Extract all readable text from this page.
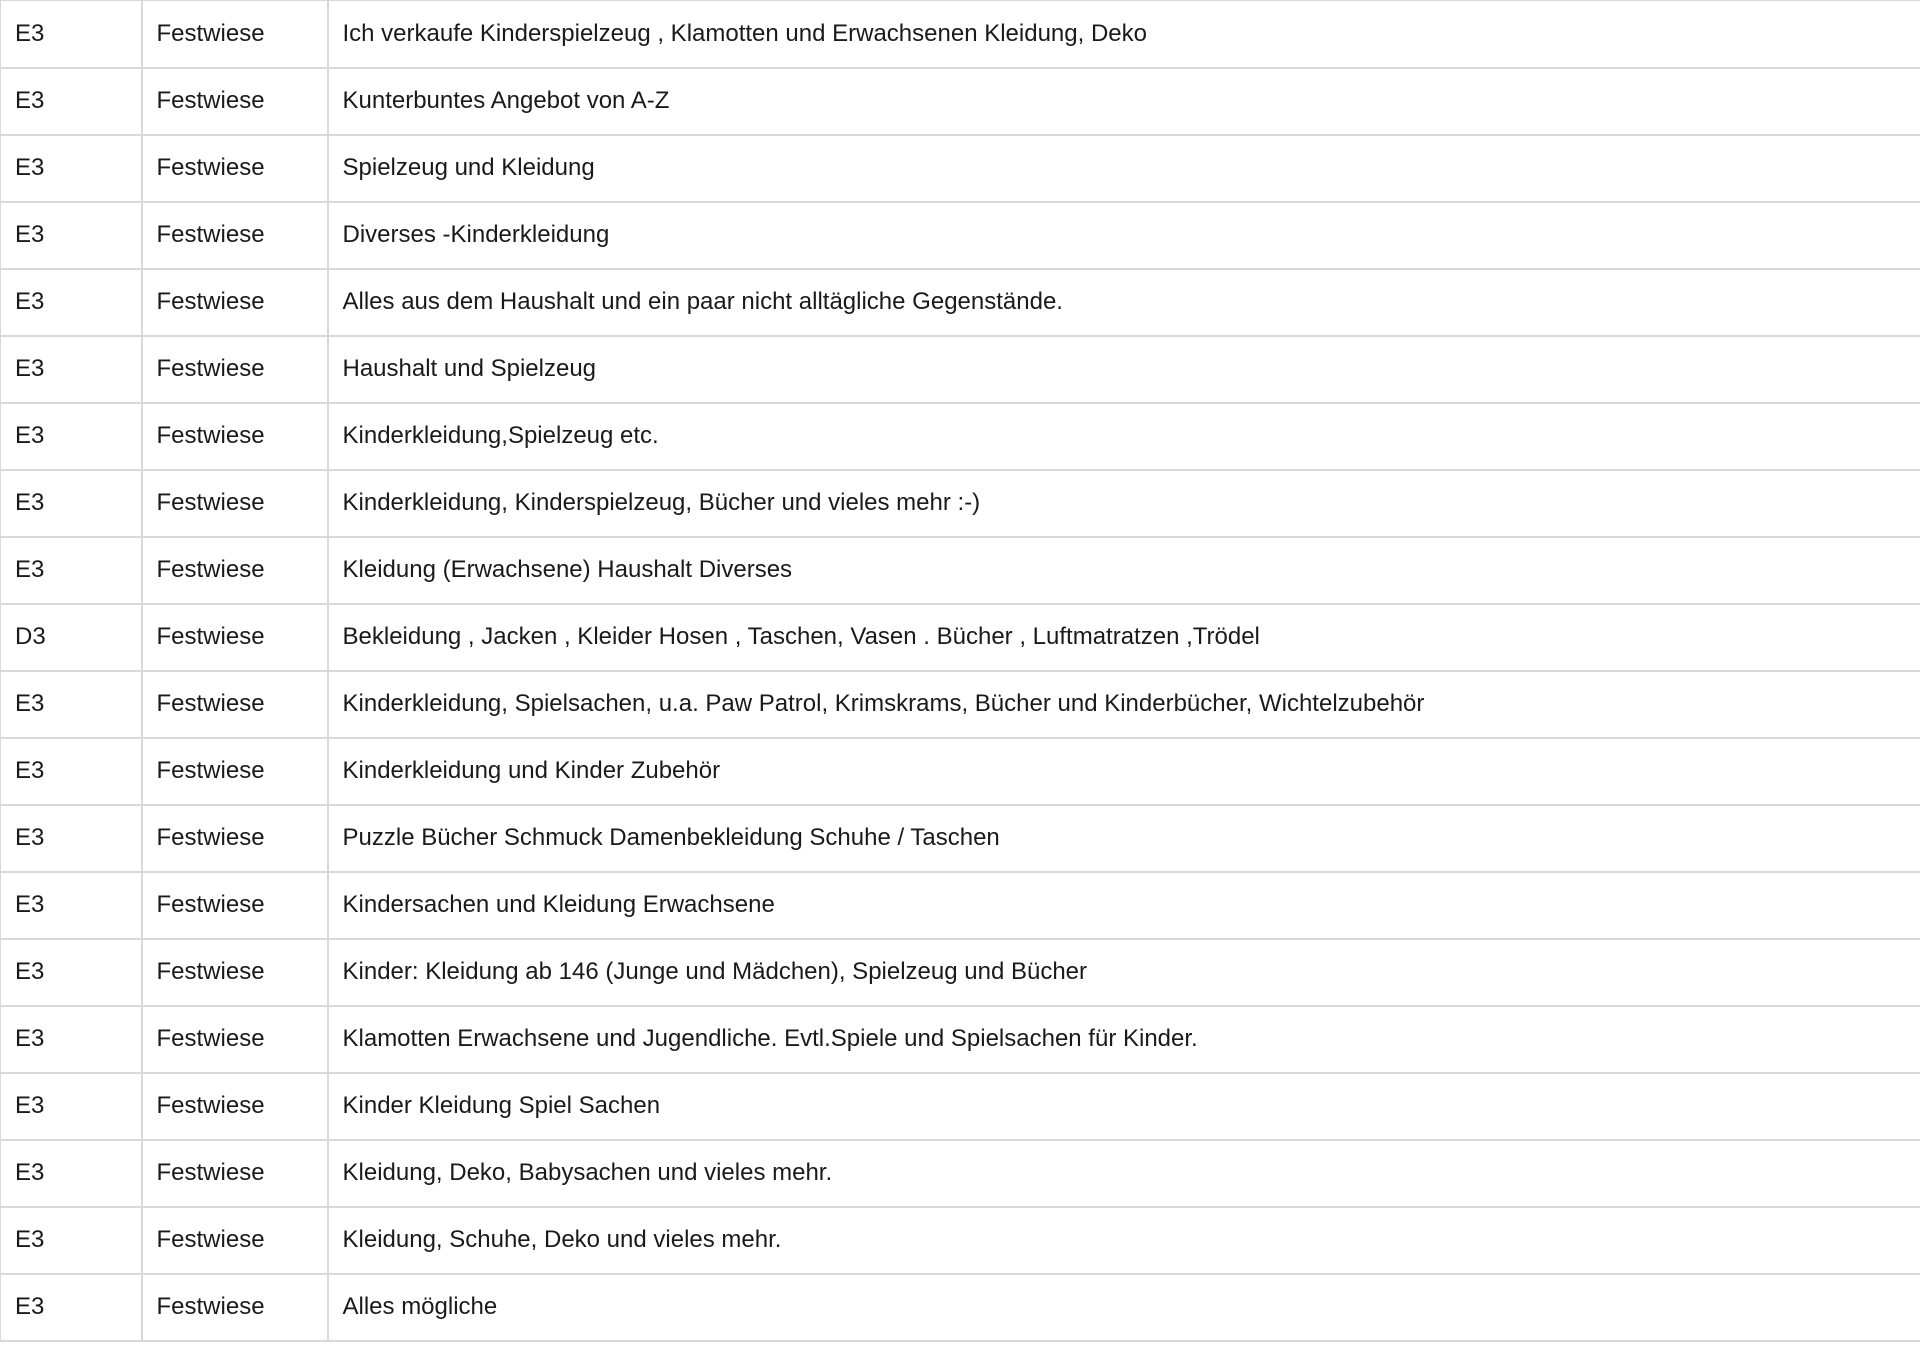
E3	Festwiese	Ich verkaufe Kinderspielzeug , Klamotten und Erwachsenen Kleidung, Deko
E3	Festwiese	Kunterbuntes Angebot von A-Z
E3	Festwiese	Spielzeug und Kleidung
E3	Festwiese	Diverses -Kinderkleidung
E3	Festwiese	Alles aus dem Haushalt und ein paar nicht alltägliche Gegenstände.
E3	Festwiese	Haushalt und Spielzeug
E3	Festwiese	Kinderkleidung,Spielzeug etc.
E3	Festwiese	Kinderkleidung, Kinderspielzeug, Bücher und vieles mehr :-)
E3	Festwiese	Kleidung (Erwachsene) Haushalt Diverses
D3	Festwiese	Bekleidung , Jacken , Kleider Hosen , Taschen, Vasen . Bücher , Luftmatratzen ,Trödel
E3	Festwiese	Kinderkleidung, Spielsachen, u.a. Paw Patrol, Krimskrams, Bücher und Kinderbücher, Wichtelzubehör
E3	Festwiese	Kinderkleidung und Kinder Zubehör
E3	Festwiese	Puzzle Bücher Schmuck Damenbekleidung Schuhe / Taschen
E3	Festwiese	Kindersachen und Kleidung Erwachsene
E3	Festwiese	Kinder: Kleidung ab 146 (Junge und Mädchen), Spielzeug und Bücher
E3	Festwiese	Klamotten Erwachsene und Jugendliche. Evtl.Spiele und Spielsachen für Kinder.
E3	Festwiese	Kinder Kleidung Spiel Sachen
E3	Festwiese	Kleidung, Deko, Babysachen und vieles mehr.
E3	Festwiese	Kleidung, Schuhe, Deko und vieles mehr.
E3	Festwiese	Alles mögliche
